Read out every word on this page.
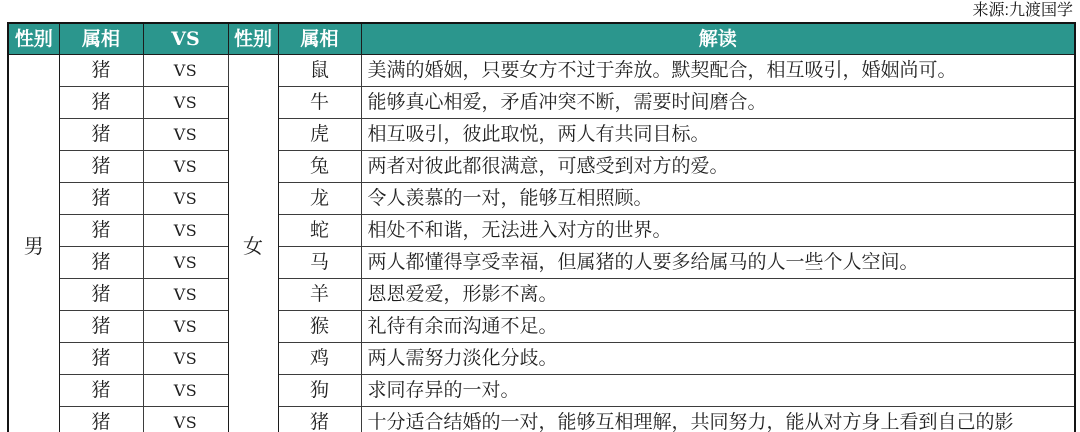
来源:九渡国学
性别	属相	VS	性别	属相	解读
男	猪	VS	女	鼠	美满的婚姻，只要女方不过于奔放。默契配合，相互吸引，婚姻尚可。
	猪	VS		牛	能够真心相爱，矛盾冲突不断，需要时间磨合。
	猪	VS		虎	相互吸引，彼此取悦，两人有共同目标。
	猪	VS		兔	两者对彼此都很满意，可感受到对方的爱。
	猪	VS		龙	令人羡慕的一对，能够互相照顾。
	猪	VS		蛇	相处不和谐，无法进入对方的世界。
	猪	VS		马	两人都懂得享受幸福，但属猪的人要多给属马的人一些个人空间。
	猪	VS		羊	恩恩爱爱，形影不离。
	猪	VS		猴	礼待有余而沟通不足。
	猪	VS		鸡	两人需努力淡化分歧。
	猪	VS		狗	求同存异的一对。
	猪	VS		猪	十分适合结婚的一对，能够互相理解，共同努力，能从对方身上看到自己的影
